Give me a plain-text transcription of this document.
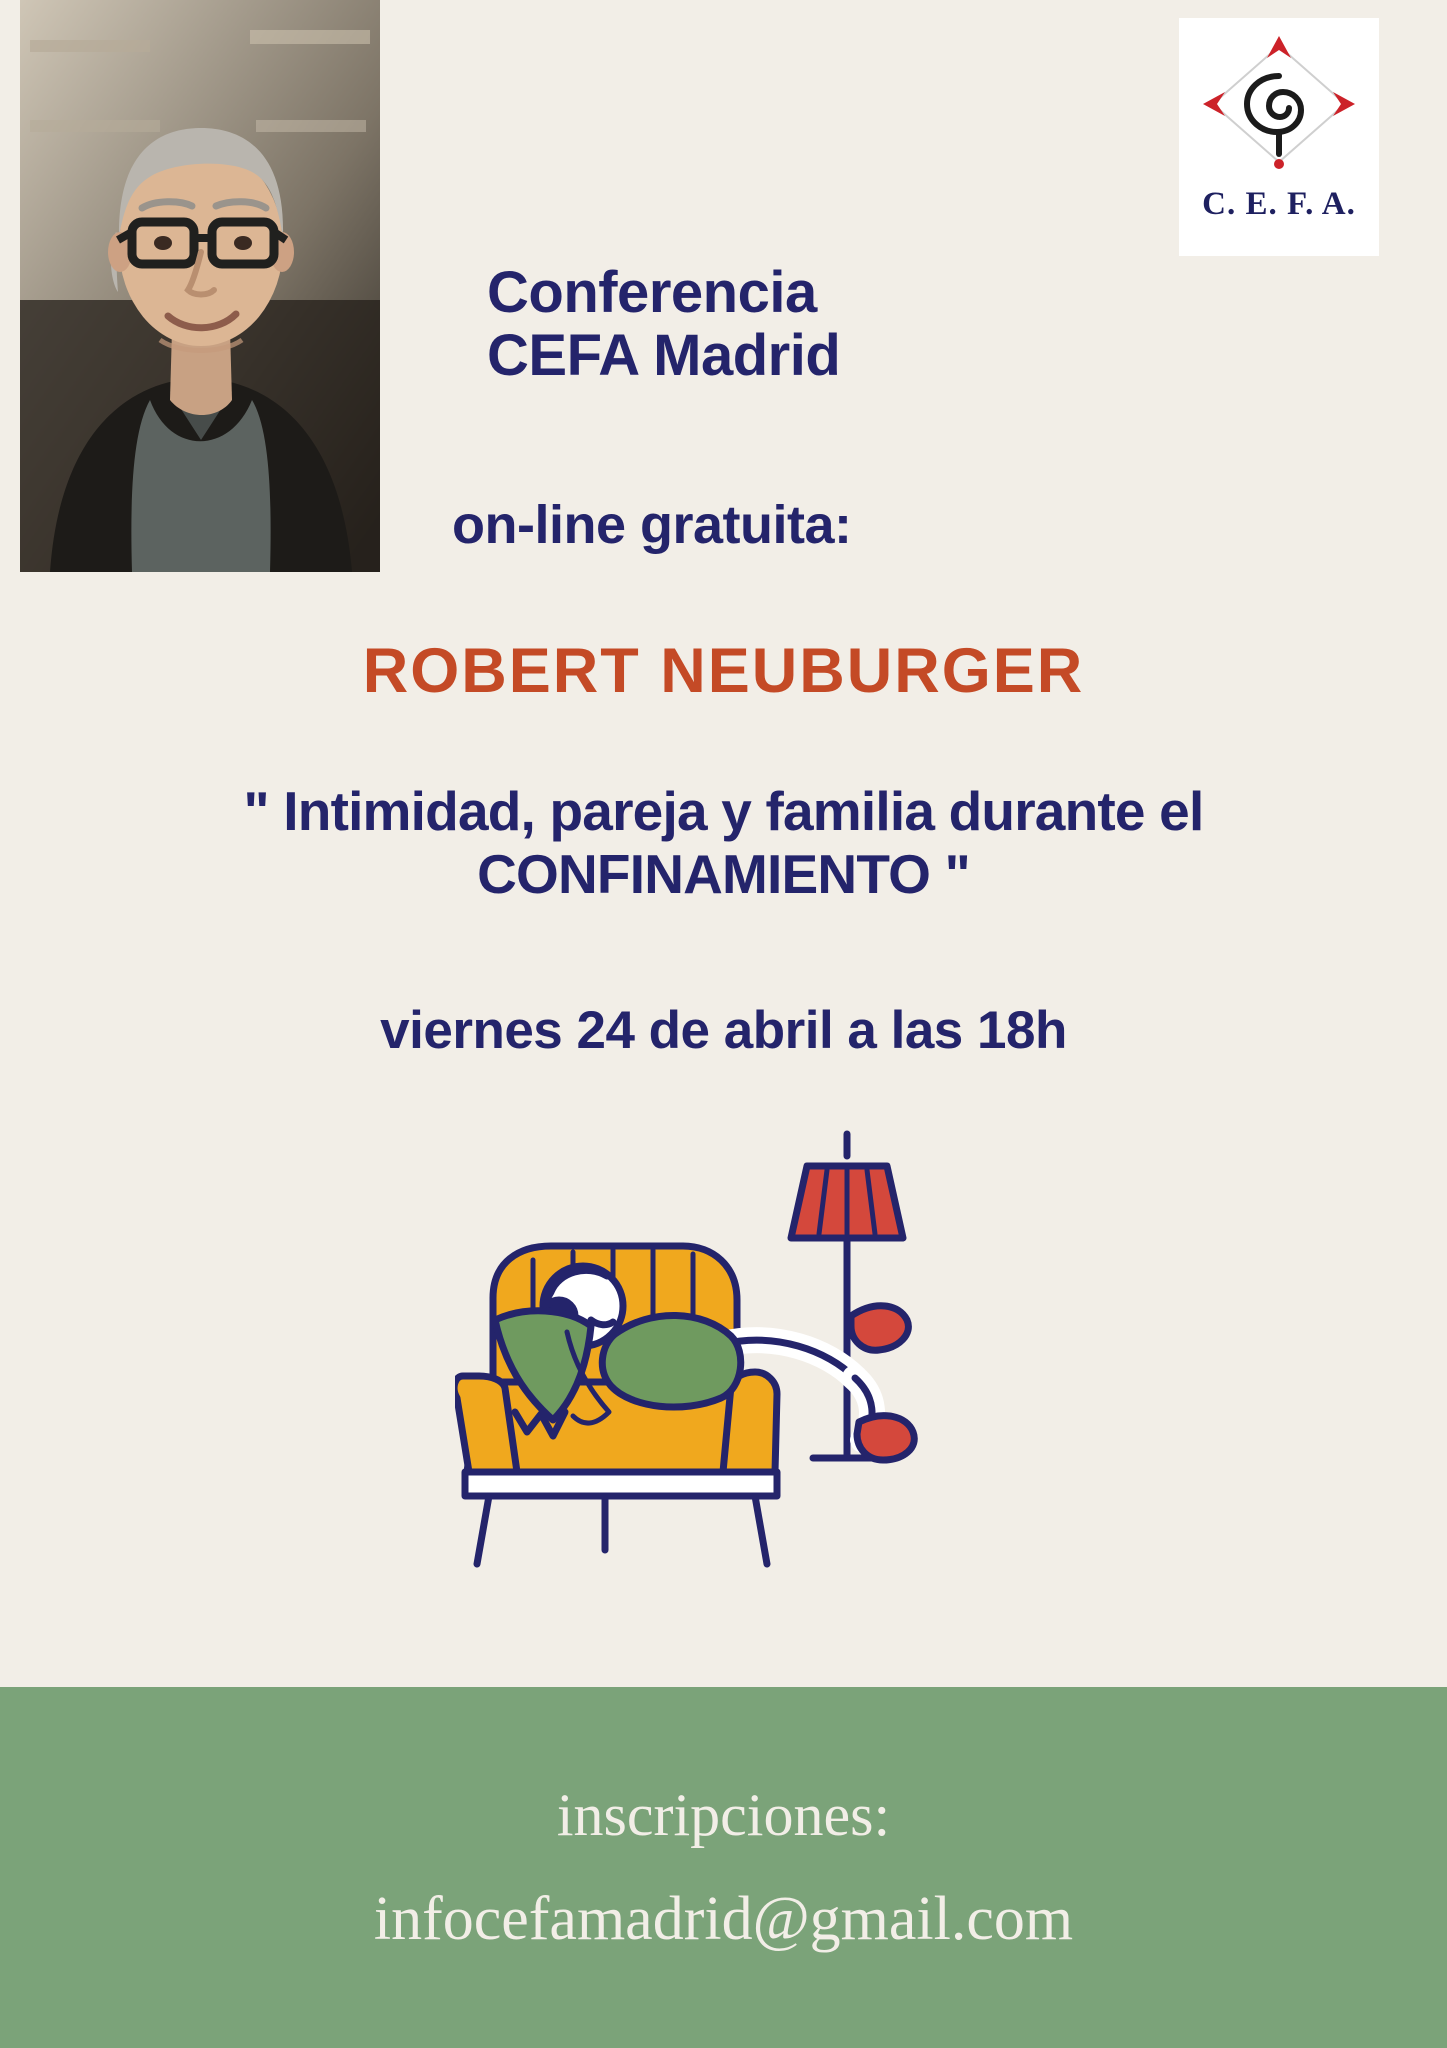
C. E. F. A.
Conferencia
CEFA Madrid
on-line gratuita:
ROBERT NEUBURGER
" Intimidad, pareja y familia durante el
CONFINAMIENTO "
viernes 24 de abril a las 18h
inscripciones:
infocefamadrid@gmail.com
